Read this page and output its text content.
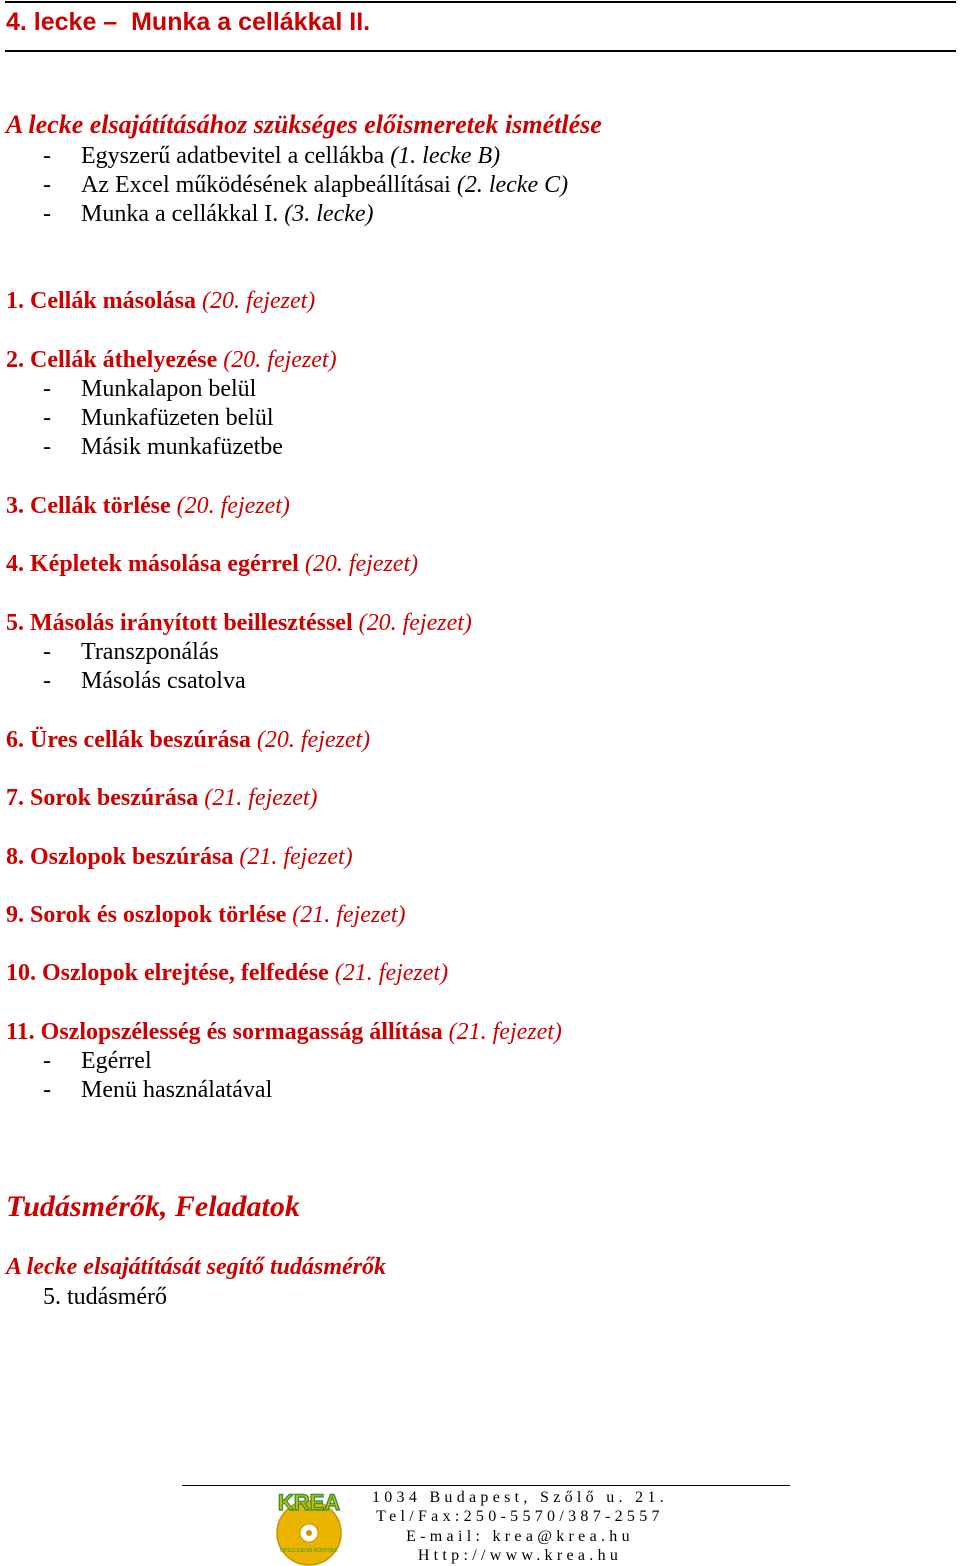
4. lecke –  Munka a cellákkal II.
A lecke elsajátításához szükséges előismeretek ismétlése
- Egyszerű adatbevitel a cellákba (1. lecke B)
- Az Excel működésének alapbeállításai (2. lecke C)
- Munka a cellákkal I. (3. lecke)
1. Cellák másolása (20. fejezet)
2. Cellák áthelyezése (20. fejezet)
- Munkalapon belül
- Munkafüzeten belül
- Másik munkafüzetbe
3. Cellák törlése (20. fejezet)
4. Képletek másolása egérrel (20. fejezet)
5. Másolás irányított beillesztéssel (20. fejezet)
- Transzponálás
- Másolás csatolva
6. Üres cellák beszúrása (20. fejezet)
7. Sorok beszúrása (21. fejezet)
8. Oszlopok beszúrása (21. fejezet)
9. Sorok és oszlopok törlése (21. fejezet)
10. Oszlopok elrejtése, felfedése (21. fejezet)
11. Oszlopszélesség és sormagasság állítása (21. fejezet)
- Egérrel
- Menü használatával
Tudásmérők, Feladatok
A lecke elsajátítását segítő tudásmérők
5. tudásmérő
KREA
INTELLIGENS KÖNYVEK
1034 Budapest, Szőlő u. 21.
Tel/Fax:250-5570/387-2557
E-mail: krea@krea.hu
Http://www.krea.hu
